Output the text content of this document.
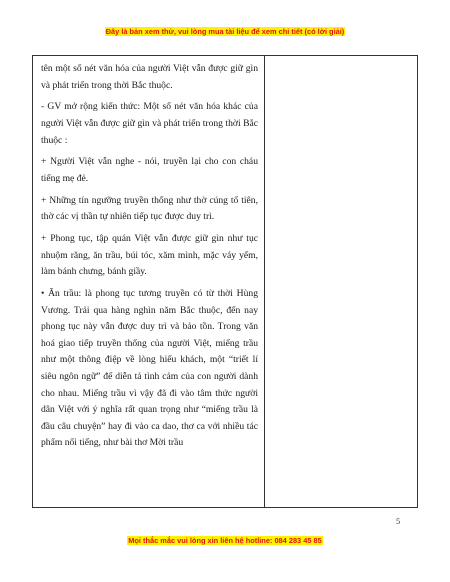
Đây là bản xem thử, vui lòng mua tài liệu để xem chi tiết (có lời giải)

tên một số nét văn hóa của người Việt vẫn được giữ gìn và phát triển trong thời Bắc thuộc.

- GV mở rộng kiến thức: Một số nét văn hóa khác của người Việt vẫn được giữ gìn và phát triển trong thời Bắc thuộc :

+ Người Việt vẫn nghe - nói, truyền lại cho con cháu tiếng mẹ đẻ.

+ Những tín ngưỡng truyền thống như thờ cúng tổ tiên, thờ các vị thần tự nhiên tiếp tục được duy trì.

+ Phong tục, tập quán Việt vẫn được giữ gìn như tục nhuộm răng, ăn trầu, búi tóc, xăm mình, mặc váy yếm, làm bánh chưng, bánh giầy.

• Ăn trầu: là phong tục tương truyền có từ thời Hùng Vương. Trải qua hàng nghìn năm Bắc thuộc, đến nay phong tục này vẫn được duy trì và bảo tồn. Trong văn hoá giao tiếp truyền thống của người Việt, miếng trầu như một thông điệp về lòng hiếu khách, một “triết lí siêu ngôn ngữ” để diễn tả tình cảm của con người dành cho nhau. Miếng trầu vì vậy đã đi vào tâm thức người dân Việt với ý nghĩa rất quan trọng như “miếng trầu là đầu câu chuyện” hay đi vào ca dao, thơ ca với nhiều tác phẩm nổi tiếng, như bài thơ Mời trầu

5
Mọi thắc mắc vui lòng xin liên hệ hotline: 084 283 45 85
